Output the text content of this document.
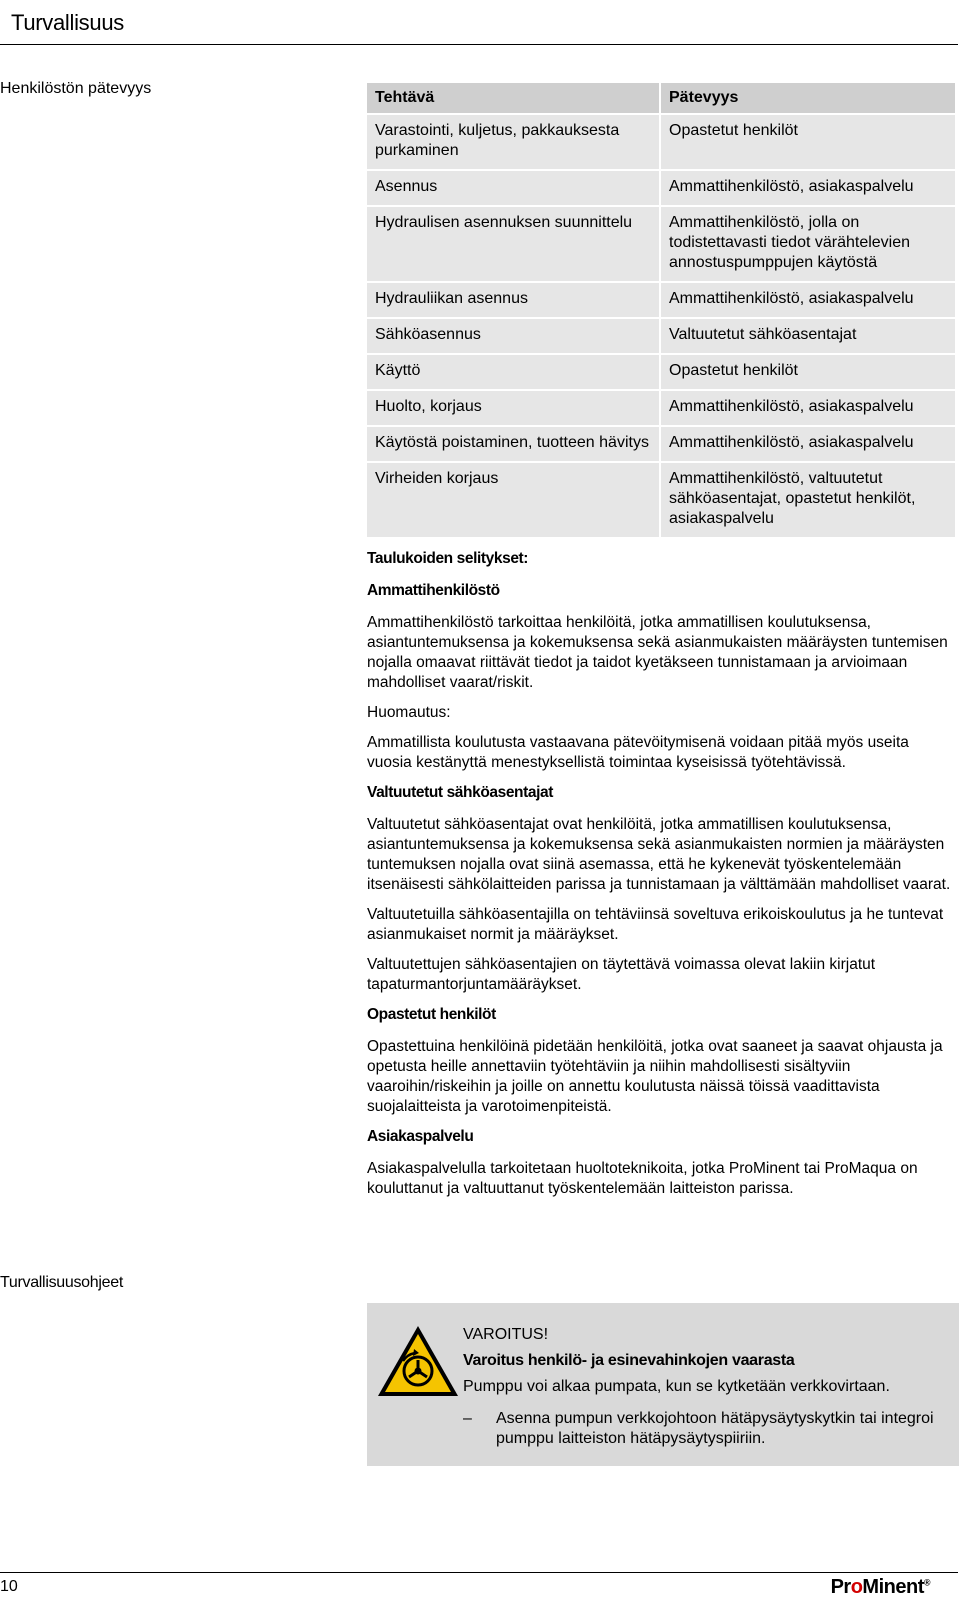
Turvallisuus
Henkilöstön pätevyys
Tehtävä	Pätevyys
Varastointi, kuljetus, pakkauksesta purkaminen	Opastetut henkilöt
Asennus	Ammattihenkilöstö, asiakaspalvelu
Hydraulisen asennuksen suunnittelu	Ammattihenkilöstö, jolla on todistettavasti tiedot värähtelevien annostuspumppujen käytöstä
Hydrauliikan asennus	Ammattihenkilöstö, asiakaspalvelu
Sähköasennus	Valtuutetut sähköasentajat
Käyttö	Opastetut henkilöt
Huolto, korjaus	Ammattihenkilöstö, asiakaspalvelu
Käytöstä poistaminen, tuotteen hävitys	Ammattihenkilöstö, asiakaspalvelu
Virheiden korjaus	Ammattihenkilöstö, valtuutetut sähköasentajat, opastetut henkilöt, asiakaspalvelu
Taulukoiden selitykset:
Ammattihenkilöstö

Ammattihenkilöstö tarkoittaa henkilöitä, jotka ammatillisen koulutuksensa, asiantuntemuksensa ja kokemuksensa sekä asianmukaisten määräysten tuntemisen nojalla omaavat riittävät tiedot ja taidot kyetäkseen tunnistamaan ja arvioimaan mahdolliset vaarat/riskit.

Huomautus:

Ammatillista koulutusta vastaavana pätevöitymisenä voidaan pitää myös useita vuosia kestänyttä menestyksellistä toimintaa kyseisissä työtehtävissä.

Valtuutetut sähköasentajat

Valtuutetut sähköasentajat ovat henkilöitä, jotka ammatillisen koulutuksensa, asiantuntemuksensa ja kokemuksensa sekä asianmukaisten normien ja määräysten tuntemuksen nojalla ovat siinä asemassa, että he kykenevät työskentelemään itsenäisesti sähkölaitteiden parissa ja tunnistamaan ja välttämään mahdolliset vaarat.

Valtuutetuilla sähköasentajilla on tehtäviinsä soveltuva erikoiskoulutus ja he tuntevat asianmukaiset normit ja määräykset.

Valtuutettujen sähköasentajien on täytettävä voimassa olevat lakiin kirjatut tapaturmantorjuntamääräykset.

Opastetut henkilöt

Opastettuina henkilöinä pidetään henkilöitä, jotka ovat saaneet ja saavat ohjausta ja opetusta heille annettaviin työtehtäviin ja niihin mahdollisesti sisältyviin vaaroihin/riskeihin ja joille on annettu koulutusta näissä töissä vaadittavista suojalaitteista ja varotoimenpiteistä.

Asiakaspalvelu

Asiakaspalvelulla tarkoitetaan huoltoteknikoita, jotka ProMinent tai ProMaqua on kouluttanut ja valtuuttanut työskentelemään laitteiston parissa.

Turvallisuusohjeet
VAROITUS!
Varoitus henkilö- ja esinevahinkojen vaarasta
Pumppu voi alkaa pumpata, kun se kytketään verkkovirtaan.
– Asenna pumpun verkkojohtoon hätäpysäytyskytkin tai integroi pumppu laitteiston hätäpysäytyspiiriin.
10	ProMinent®
